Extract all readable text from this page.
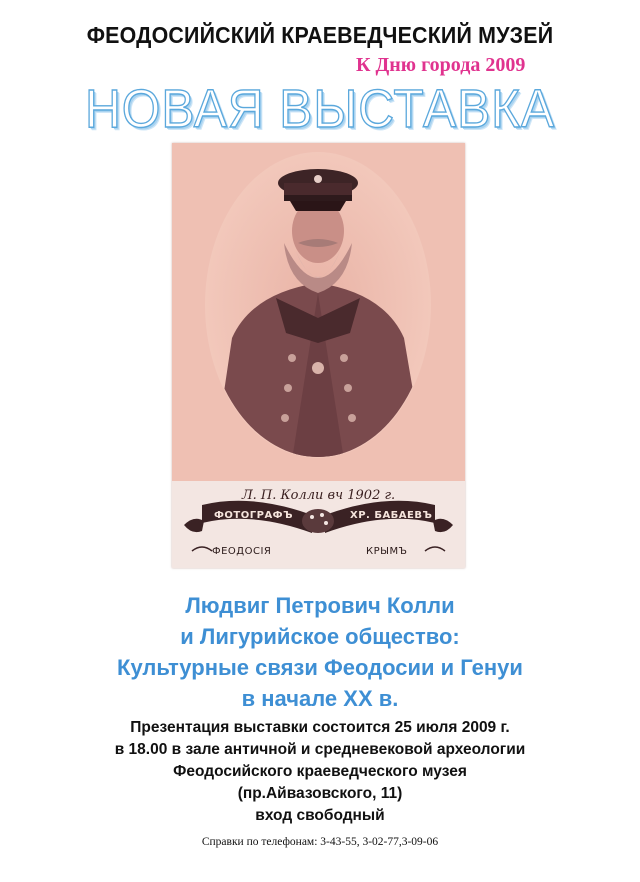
ФЕОДОСИЙСКИЙ КРАЕВЕДЧЕСКИЙ МУЗЕЙ
К Дню города 2009
НОВАЯ ВЫСТАВКА
Л. П. Колли вч 1902 г.
ФОТОГРАФЪ	ХР. БАБАЕВЪ
ФЕОДОСІЯ	КРЫМЪ
Людвиг Петрович Колли
и Лигурийское общество:
Культурные связи Феодосии и Генуи
в начале XX в.
Презентация выставки состоится 25 июля 2009 г.
в 18.00 в зале античной и средневековой археологии
Феодосийского краеведческого музея
(пр.Айвазовского, 11)
вход свободный
Справки по телефонам: 3-43-55, 3-02-77,3-09-06
